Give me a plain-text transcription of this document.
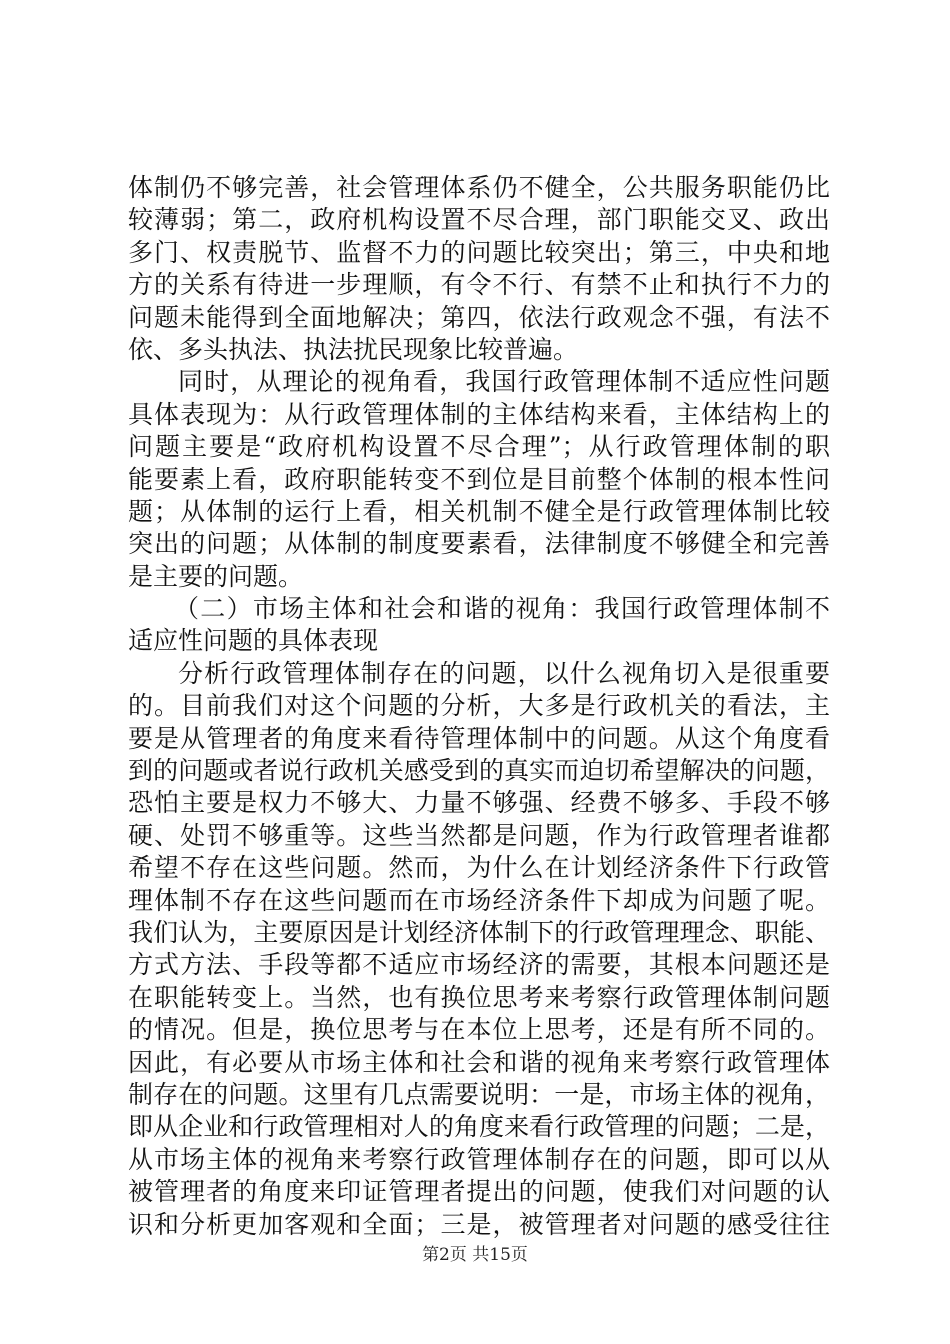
体制仍不够完善，社会管理体系仍不健全，公共服务职能仍比
较薄弱；第二，政府机构设置不尽合理，部门职能交叉、政出
多门、权责脱节、监督不力的问题比较突出；第三，中央和地
方的关系有待进一步理顺，有令不行、有禁不止和执行不力的
问题未能得到全面地解决；第四，依法行政观念不强，有法不
依、多头执法、执法扰民现象比较普遍。
同时，从理论的视角看，我国行政管理体制不适应性问题
具体表现为：从行政管理体制的主体结构来看，主体结构上的
问题主要是“政府机构设置不尽合理”；从行政管理体制的职
能要素上看，政府职能转变不到位是目前整个体制的根本性问
题；从体制的运行上看，相关机制不健全是行政管理体制比较
突出的问题；从体制的制度要素看，法律制度不够健全和完善
是主要的问题。
（二）市场主体和社会和谐的视角：我国行政管理体制不
适应性问题的具体表现
分析行政管理体制存在的问题，以什么视角切入是很重要
的。目前我们对这个问题的分析，大多是行政机关的看法，主
要是从管理者的角度来看待管理体制中的问题。从这个角度看
到的问题或者说行政机关感受到的真实而迫切希望解决的问题，
恐怕主要是权力不够大、力量不够强、经费不够多、手段不够
硬、处罚不够重等。这些当然都是问题，作为行政管理者谁都
希望不存在这些问题。然而，为什么在计划经济条件下行政管
理体制不存在这些问题而在市场经济条件下却成为问题了呢。
我们认为，主要原因是计划经济体制下的行政管理理念、职能、
方式方法、手段等都不适应市场经济的需要，其根本问题还是
在职能转变上。当然，也有换位思考来考察行政管理体制问题
的情况。但是，换位思考与在本位上思考，还是有所不同的。
因此，有必要从市场主体和社会和谐的视角来考察行政管理体
制存在的问题。这里有几点需要说明：一是，市场主体的视角，
即从企业和行政管理相对人的角度来看行政管理的问题；二是，
从市场主体的视角来考察行政管理体制存在的问题，即可以从
被管理者的角度来印证管理者提出的问题，使我们对问题的认
识和分析更加客观和全面；三是，被管理者对问题的感受往往
第2页 共15页
